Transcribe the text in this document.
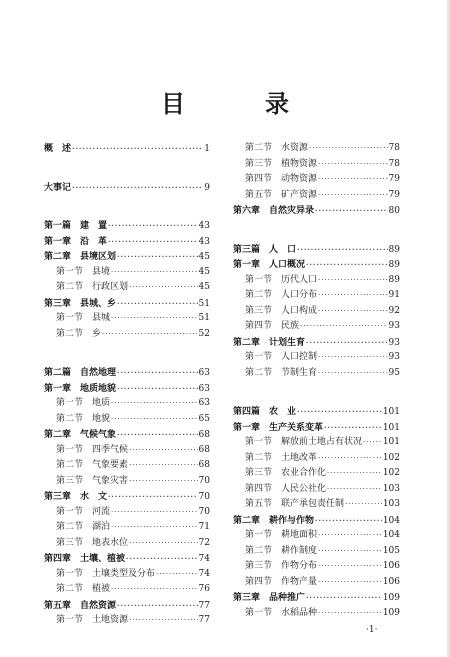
目　录
概　述 ·····	1
大事记 ·····	9
第一篇　建　置 ·····	43
第一章　沿　革 ·····	43
第二章　县境区划 ·····	45
第一节　县境 ·····	45
第二节　行政区划 ·····	45
第三章　县城、乡 ·····	51
第一节　县城 ·····	51
第二节　乡 ·····	52
第二篇　自然地理 ·····	63
第一章　地质地貌 ·····	63
第一节　地质 ·····	63
第二节　地貌 ·····	65
第二章　气候气象 ·····	68
第一节　四季气候 ·····	68
第二节　气象要素 ·····	68
第三节　气象灾害 ·····	70
第三章　水　文 ·····	70
第一节　河流 ·····	70
第二节　湖泊 ·····	71
第三节　地表水位 ·····	72
第四章　土壤、植被 ·····	74
第一节　土壤类型及分布 ·····	74
第二节　植被 ·····	76
第五章　自然资源 ·····	77
第一节　土地资源 ·····	77
第二节　水资源 ·····	78
第三节　植物资源 ·····	78
第四节　动物资源 ·····	79
第五节　矿产资源 ·····	79
第六章　自然灾异录 ·····	80
第三篇　人　口 ·····	89
第一章　人口概况 ·····	89
第一节　历代人口 ·····	89
第二节　人口分布 ·····	91
第三节　人口构成 ·····	92
第四节　民族 ·····	93
第二章　计划生育 ·····	93
第一节　人口控制 ·····	93
第二节　节制生育 ·····	95
第四篇　农　业 ·····	101
第一章　生产关系变革 ·····	101
第一节　解放前土地占有状况 ····· 101
第二节　土地改革 ·····	102
第三节　农业合作化 ·····	102
第四节　人民公社化 ·····	103
第五节　联产承包责任制 ·····	103
第二章　耕作与作物 ·····	104
第一节　耕地面积 ·····	104
第二节　耕作制度 ·····	105
第三节　作物分布 ·····	106
第四节　作物产量 ·····	106
第三章　品种推广 ·····	109
第一节　水稻品种 ·····	109
·1·
